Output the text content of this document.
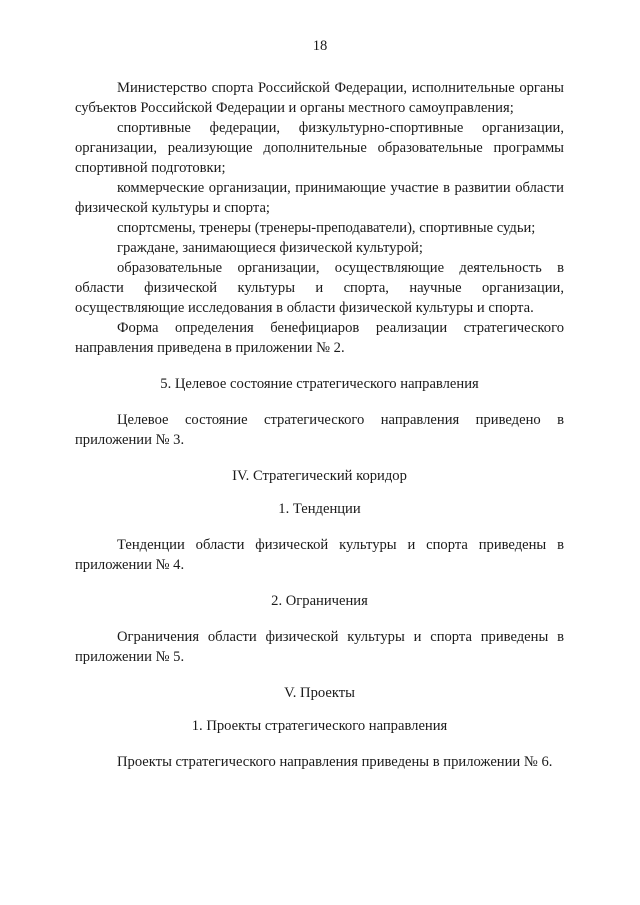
18

Министерство спорта Российской Федерации, исполнительные органы субъектов Российской Федерации и органы местного самоуправления;

спортивные федерации, физкультурно-спортивные организации, организации, реализующие дополнительные образовательные программы спортивной подготовки;

коммерческие организации, принимающие участие в развитии области физической культуры и спорта;

спортсмены, тренеры (тренеры-преподаватели), спортивные судьи;

граждане, занимающиеся физической культурой;

образовательные организации, осуществляющие деятельность в области физической культуры и спорта, научные организации, осуществляющие исследования в области физической культуры и спорта.

Форма определения бенефициаров реализации стратегического направления приведена в приложении № 2.

5. Целевое состояние стратегического направления

Целевое состояние стратегического направления приведено в приложении № 3.

IV. Стратегический коридор

1. Тенденции

Тенденции области физической культуры и спорта приведены в приложении № 4.

2. Ограничения

Ограничения области физической культуры и спорта приведены в приложении № 5.

V. Проекты

1. Проекты стратегического направления

Проекты стратегического направления приведены в приложении № 6.
